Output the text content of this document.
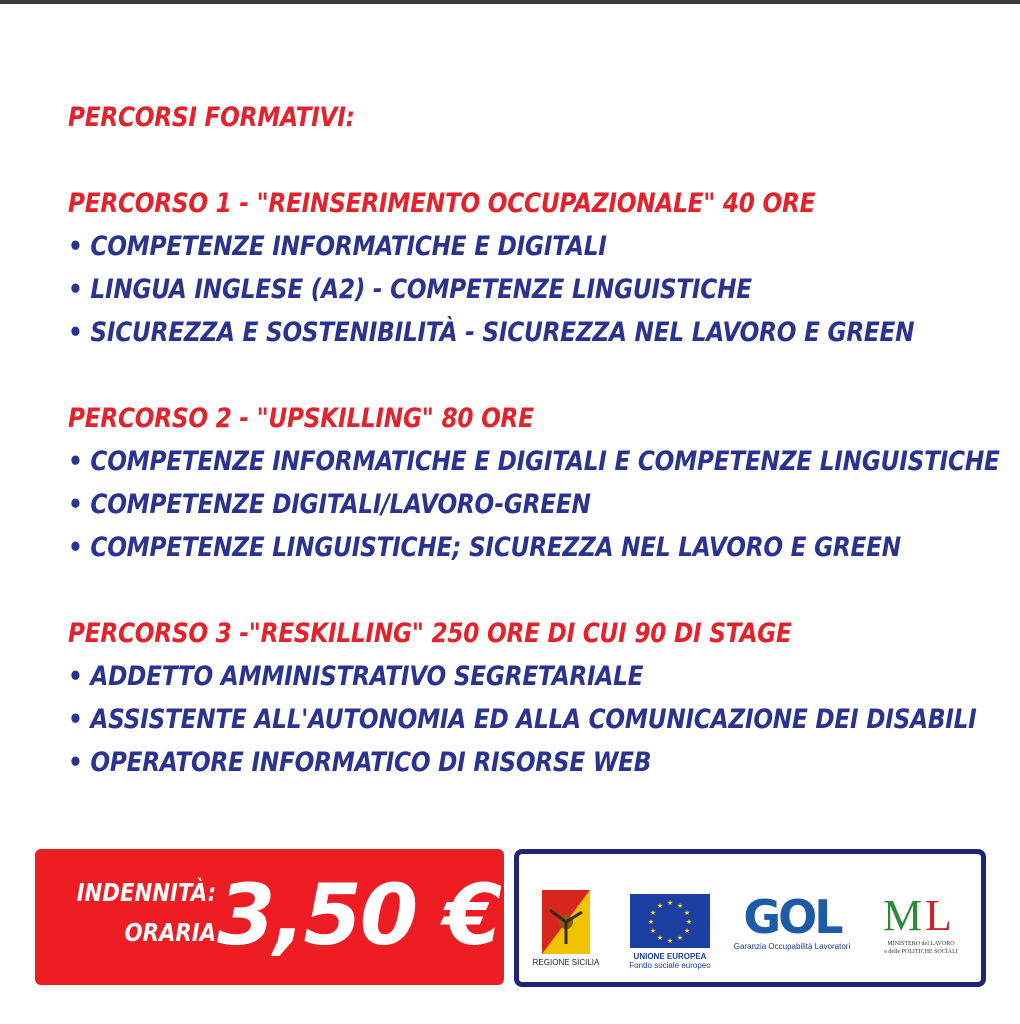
PERCORSI FORMATIVI:
PERCORSO 1 - "REINSERIMENTO OCCUPAZIONALE" 40 ORE
• COMPETENZE INFORMATICHE E DIGITALI
• LINGUA INGLESE (A2) - COMPETENZE LINGUISTICHE
• SICUREZZA E SOSTENIBILITÀ - SICUREZZA NEL LAVORO E GREEN
PERCORSO 2 - "UPSKILLING" 80 ORE
• COMPETENZE INFORMATICHE E DIGITALI E COMPETENZE LINGUISTICHE
• COMPETENZE DIGITALI/LAVORO-GREEN
• COMPETENZE LINGUISTICHE; SICUREZZA NEL LAVORO E GREEN
PERCORSO 3 -"RESKILLING" 250 ORE DI CUI 90 DI STAGE
• ADDETTO AMMINISTRATIVO SEGRETARIALE
• ASSISTENTE ALL'AUTONOMIA ED ALLA COMUNICAZIONE DEI DISABILI
• OPERATORE INFORMATICO DI RISORSE WEB
INDENNITÀ:
ORARIA 3,50 €	REGIONE SICILIA
★ ★
★
★
★
★
★
★
★
★
★
★
UNIONE EUROPEA
Fondo sociale europeo
GOL
Garanzia Occupabilità Lavoratori
M L
MINISTERO del LAVORO
e delle POLITICHE SOCIALI
